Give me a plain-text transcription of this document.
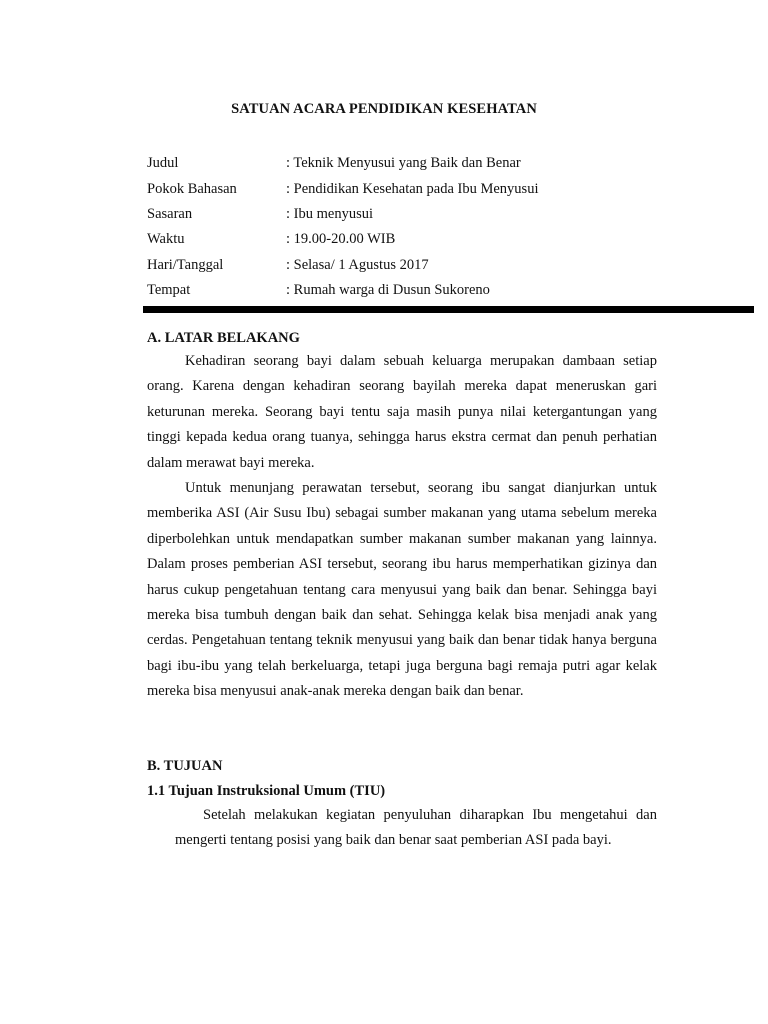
SATUAN ACARA PENDIDIKAN KESEHATAN
Judul	: Teknik Menyusui yang Baik dan Benar
Pokok Bahasan	: Pendidikan Kesehatan pada Ibu Menyusui
Sasaran	: Ibu menyusui
Waktu	: 19.00-20.00 WIB
Hari/Tanggal	: Selasa/ 1 Agustus 2017
Tempat	: Rumah warga di Dusun Sukoreno
A. LATAR BELAKANG

Kehadiran seorang bayi dalam sebuah keluarga merupakan dambaan setiap orang. Karena dengan kehadiran seorang bayilah mereka dapat meneruskan gari keturunan mereka. Seorang bayi tentu saja masih punya nilai ketergantungan yang tinggi kepada kedua orang tuanya, sehingga harus ekstra cermat dan penuh perhatian dalam merawat bayi mereka.

Untuk menunjang perawatan tersebut, seorang ibu sangat dianjurkan untuk memberika ASI (Air Susu Ibu) sebagai sumber makanan yang utama sebelum mereka diperbolehkan untuk mendapatkan sumber makanan sumber makanan yang lainnya. Dalam proses pemberian ASI tersebut, seorang ibu harus memperhatikan gizinya dan harus cukup pengetahuan tentang cara menyusui yang baik dan benar. Sehingga bayi mereka bisa tumbuh dengan baik dan sehat. Sehingga kelak bisa menjadi anak yang cerdas. Pengetahuan tentang teknik menyusui yang baik dan benar tidak hanya berguna bagi ibu-ibu yang telah berkeluarga, tetapi juga berguna bagi remaja putri agar kelak mereka bisa menyusui anak-anak mereka dengan baik dan benar.

B. TUJUAN
1.1 Tujuan Instruksional Umum (TIU)

Setelah melakukan kegiatan penyuluhan diharapkan Ibu mengetahui dan mengerti tentang posisi yang baik dan benar saat pemberian ASI pada bayi.
